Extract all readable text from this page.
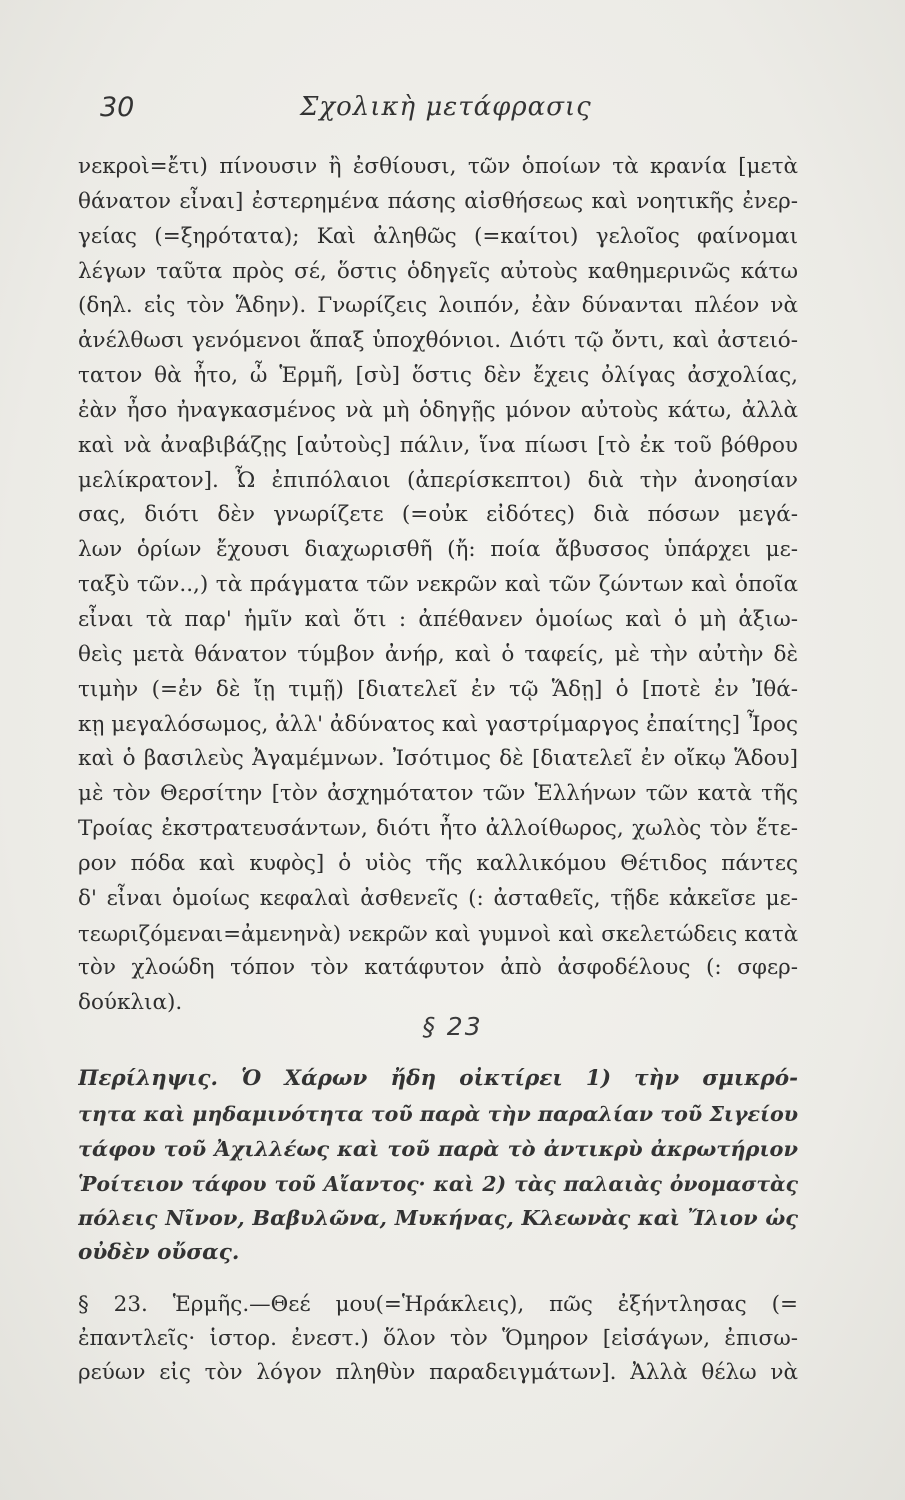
30	Σχολικὴ μετάφρασις
νεκροὶ=ἔτι) πίνουσιν ἢ ἐσθίουσι, τῶν ὁποίων τὰ κρανία [μετὰ
θάνατον εἶναι] ἐστερημένα πάσης αἰσθήσεως καὶ νοητικῆς ἐνερ-
γείας (=ξηρότατα); Καὶ ἀληθῶς (=καίτοι) γελοῖος φαίνομαι
λέγων ταῦτα πρὸς σέ, ὅστις ὁδηγεῖς αὐτοὺς καθημερινῶς κάτω
(δηλ. εἰς τὸν Ἅδην). Γνωρίζεις λοιπόν, ἐὰν δύνανται πλέον νὰ
ἀνέλθωσι γενόμενοι ἅπαξ ὑποχθόνιοι. Διότι τῷ ὄντι, καὶ ἀστειό-
τατον θὰ ἦτο, ὦ Ἑρμῆ, [σὺ] ὅστις δὲν ἔχεις ὀλίγας ἀσχολίας,
ἐὰν ἦσο ἠναγκασμένος νὰ μὴ ὁδηγῇς μόνον αὐτοὺς κάτω, ἀλλὰ
καὶ νὰ ἀναβιβάζῃς [αὐτοὺς] πάλιν, ἵνα πίωσι [τὸ ἐκ τοῦ βόθρου
μελίκρατον]. Ὦ ἐπιπόλαιοι (ἀπερίσκεπτοι) διὰ τὴν ἀνοησίαν
σας, διότι δὲν γνωρίζετε (=οὐκ εἰδότες) διὰ πόσων μεγά-
λων ὁρίων ἔχουσι διαχωρισθῆ (ἤ: ποία ἄβυσσος ὑπάρχει με-
ταξὺ τῶν..,) τὰ πράγματα τῶν νεκρῶν καὶ τῶν ζώντων καὶ ὁποῖα
εἶναι τὰ παρ' ἡμῖν καὶ ὅτι : ἀπέθανεν ὁμοίως καὶ ὁ μὴ ἀξιω-
θεὶς μετὰ θάνατον τύμβον ἀνήρ, καὶ ὁ ταφείς, μὲ τὴν αὐτὴν δὲ
τιμὴν (=ἐν δὲ ἴῃ τιμῇ) [διατελεῖ ἐν τῷ Ἅδῃ] ὁ [ποτὲ ἐν Ἰθά-
κῃ μεγαλόσωμος, ἀλλ' ἀδύνατος καὶ γαστρίμαργος ἐπαίτης] Ἶρος
καὶ ὁ βασιλεὺς Ἀγαμέμνων. Ἰσότιμος δὲ [διατελεῖ ἐν οἴκῳ Ἅδου]
μὲ τὸν Θερσίτην [τὸν ἀσχημότατον τῶν Ἑλλήνων τῶν κατὰ τῆς
Τροίας ἐκστρατευσάντων, διότι ἦτο ἀλλοίθωρος, χωλὸς τὸν ἕτε-
ρον πόδα καὶ κυφὸς] ὁ υἱὸς τῆς καλλικόμου Θέτιδος πάντες
δ' εἶναι ὁμοίως κεφαλαὶ ἀσθενεῖς (: ἀσταθεῖς, τῇδε κἀκεῖσε με-
τεωριζόμεναι=ἀμενηνὰ) νεκρῶν καὶ γυμνοὶ καὶ σκελετώδεις κατὰ
τὸν χλοώδη τόπον τὸν κατάφυτον ἀπὸ ἀσφοδέλους (: σφερ-
δούκλια).
§ 23
Περίληψις. Ὁ Χάρων ἤδη οἰκτίρει 1) τὴν σμικρό-
τητα καὶ μηδαμινότητα τοῦ παρὰ τὴν παραλίαν τοῦ Σιγείου
τάφου τοῦ Ἀχιλλέως καὶ τοῦ παρὰ τὸ ἀντικρὺ ἀκρωτήριον
Ῥοίτειον τάφου τοῦ Αἴαντος· καὶ 2) τὰς παλαιὰς ὀνομαστὰς
πόλεις Νῖνον, Βαβυλῶνα, Μυκήνας, Κλεωνὰς καὶ Ἴλιον ὡς
οὐδὲν οὔσας.
§ 23. Ἑρμῆς.—Θεέ μου(=Ἡράκλεις), πῶς ἐξήντλησας (=
ἐπαντλεῖς· ἱστορ. ἐνεστ.) ὅλον τὸν Ὅμηρον [εἰσάγων, ἐπισω-
ρεύων εἰς τὸν λόγον πληθὺν παραδειγμάτων]. Ἀλλὰ θέλω νὰ
